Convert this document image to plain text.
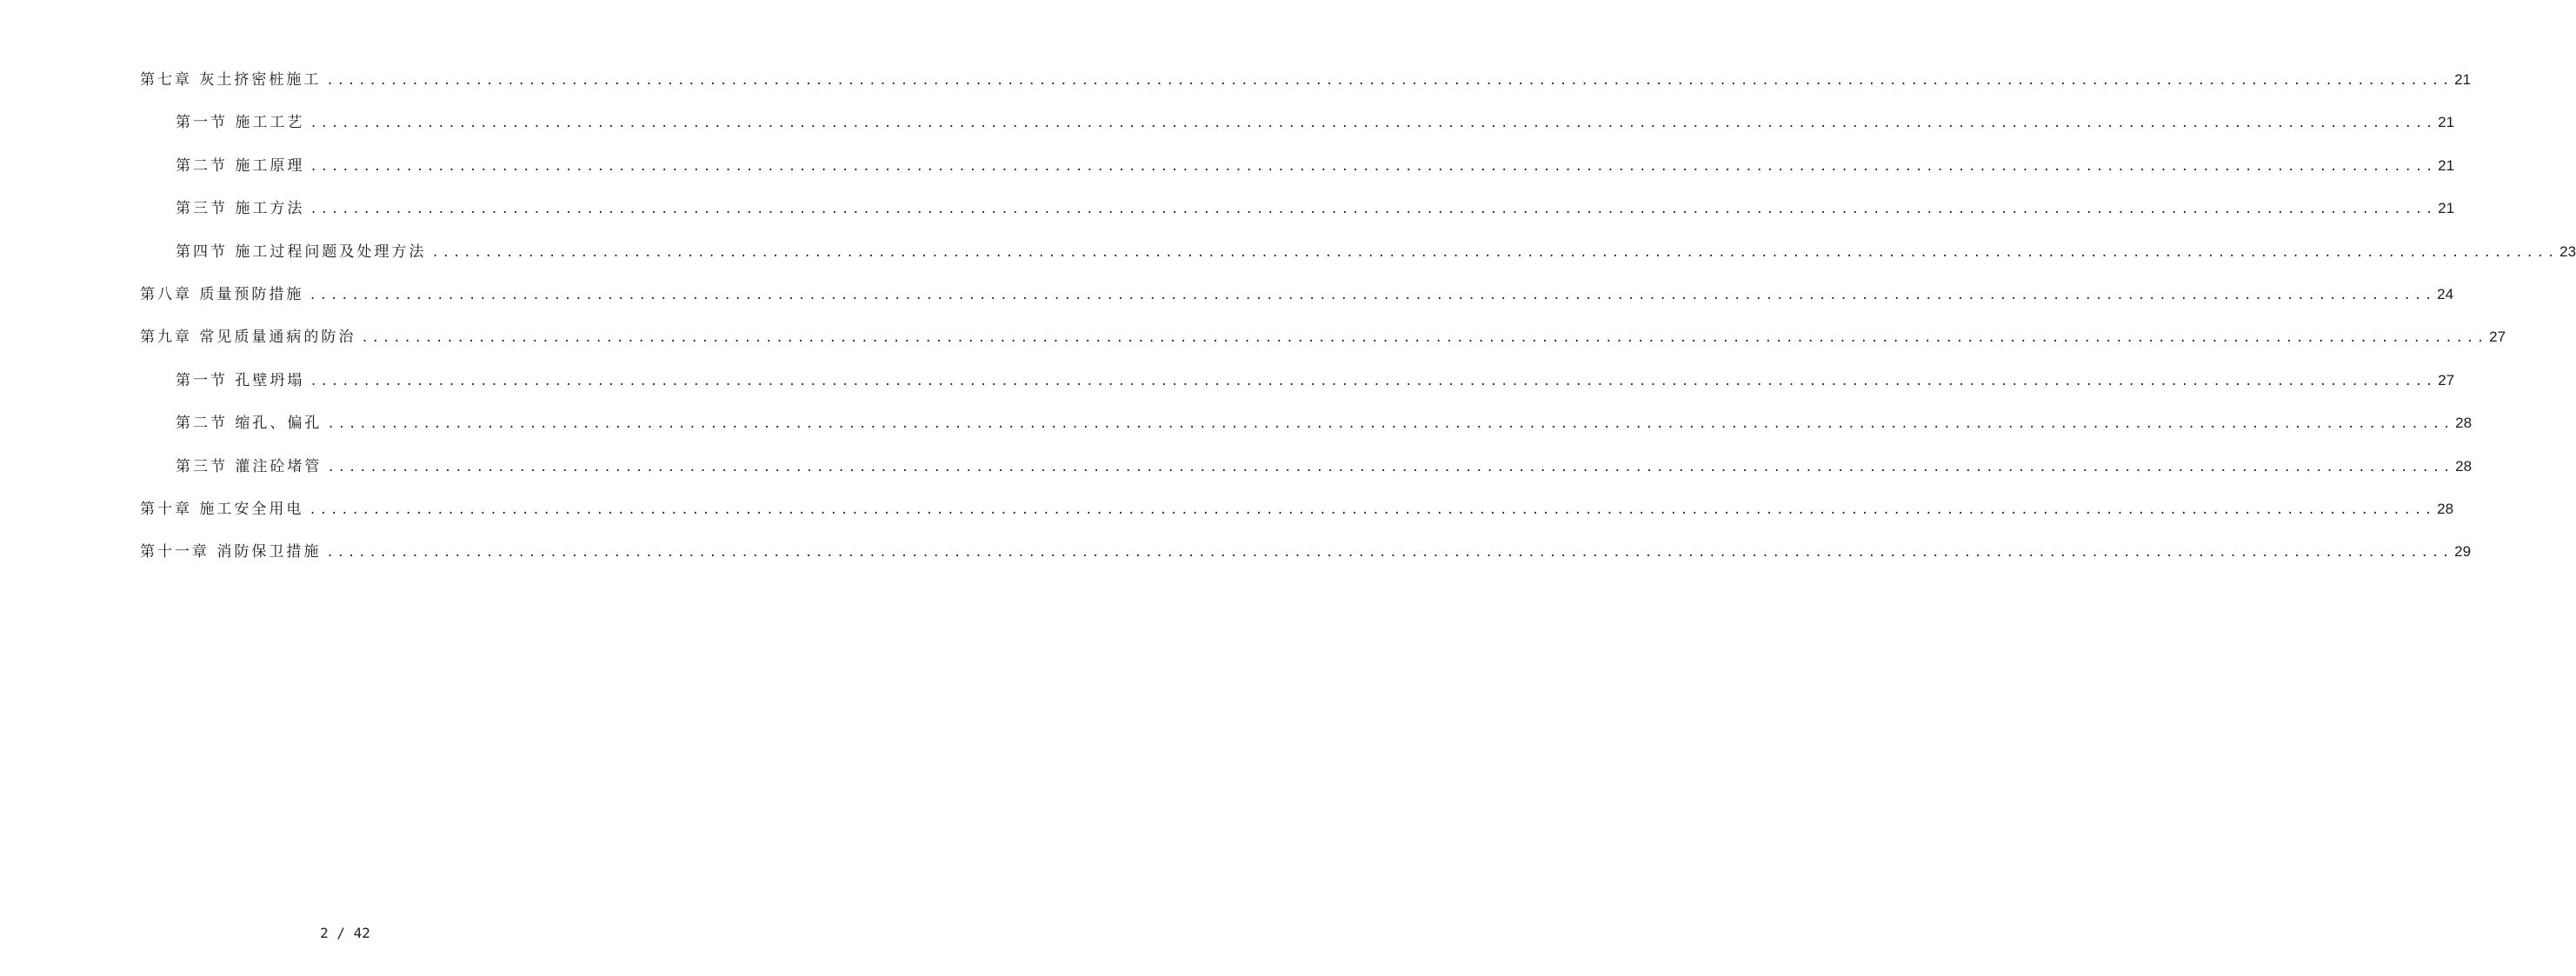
第七章 灰土挤密桩施工 ........................................................................................................................................................................................................ 21
第一节 施工工艺 ........................................................................................................................................................................................................ 21
第二节 施工原理 ........................................................................................................................................................................................................ 21
第三节 施工方法 ........................................................................................................................................................................................................ 21
第四节 施工过程问题及处理方法 ........................................................................................................................................................................................................ 23
第八章 质量预防措施 ........................................................................................................................................................................................................ 24
第九章 常见质量通病的防治 ........................................................................................................................................................................................................ 27
第一节 孔壁坍塌 ........................................................................................................................................................................................................ 27
第二节 缩孔、偏孔 ........................................................................................................................................................................................................ 28
第三节 灌注砼堵管 ........................................................................................................................................................................................................ 28
第十章 施工安全用电 ........................................................................................................................................................................................................ 28
第十一章 消防保卫措施 ........................................................................................................................................................................................................ 29
2 / 42
